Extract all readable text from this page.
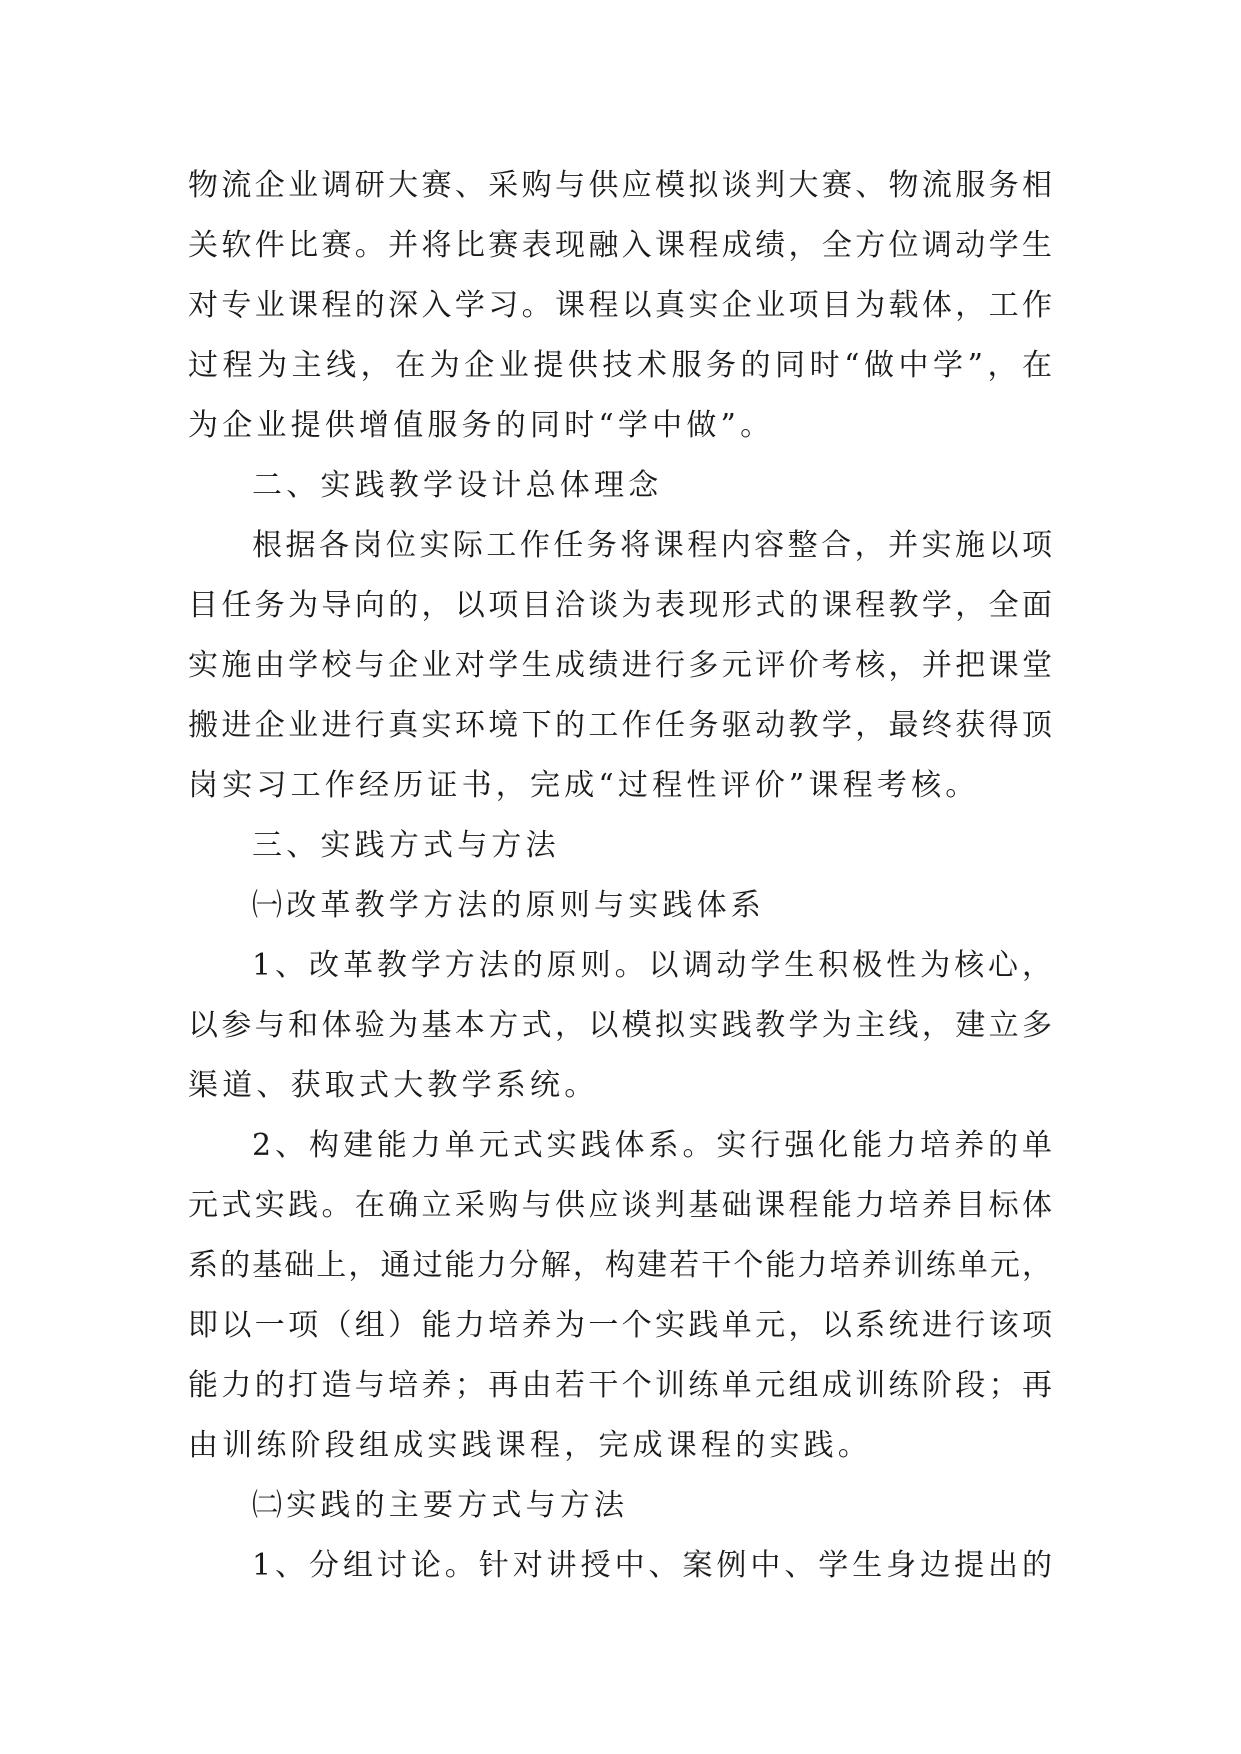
物流企业调研大赛、采购与供应模拟谈判大赛、物流服务相
关软件比赛。并将比赛表现融入课程成绩，全方位调动学生
对专业课程的深入学习。课程以真实企业项目为载体，工作
过程为主线，在为企业提供技术服务的同时“做中学”，在
为企业提供增值服务的同时“学中做”。
二、实践教学设计总体理念
根据各岗位实际工作任务将课程内容整合，并实施以项
目任务为导向的，以项目洽谈为表现形式的课程教学，全面
实施由学校与企业对学生成绩进行多元评价考核，并把课堂
搬进企业进行真实环境下的工作任务驱动教学，最终获得顶
岗实习工作经历证书，完成“过程性评价”课程考核。
三、实践方式与方法
㈠改革教学方法的原则与实践体系
1、改革教学方法的原则。以调动学生积极性为核心，
以参与和体验为基本方式，以模拟实践教学为主线，建立多
渠道、获取式大教学系统。
2、构建能力单元式实践体系。实行强化能力培养的单
元式实践。在确立采购与供应谈判基础课程能力培养目标体
系的基础上，通过能力分解，构建若干个能力培养训练单元，
即以一项（组）能力培养为一个实践单元，以系统进行该项
能力的打造与培养；再由若干个训练单元组成训练阶段；再
由训练阶段组成实践课程，完成课程的实践。
㈡实践的主要方式与方法
1、分组讨论。针对讲授中、案例中、学生身边提出的
